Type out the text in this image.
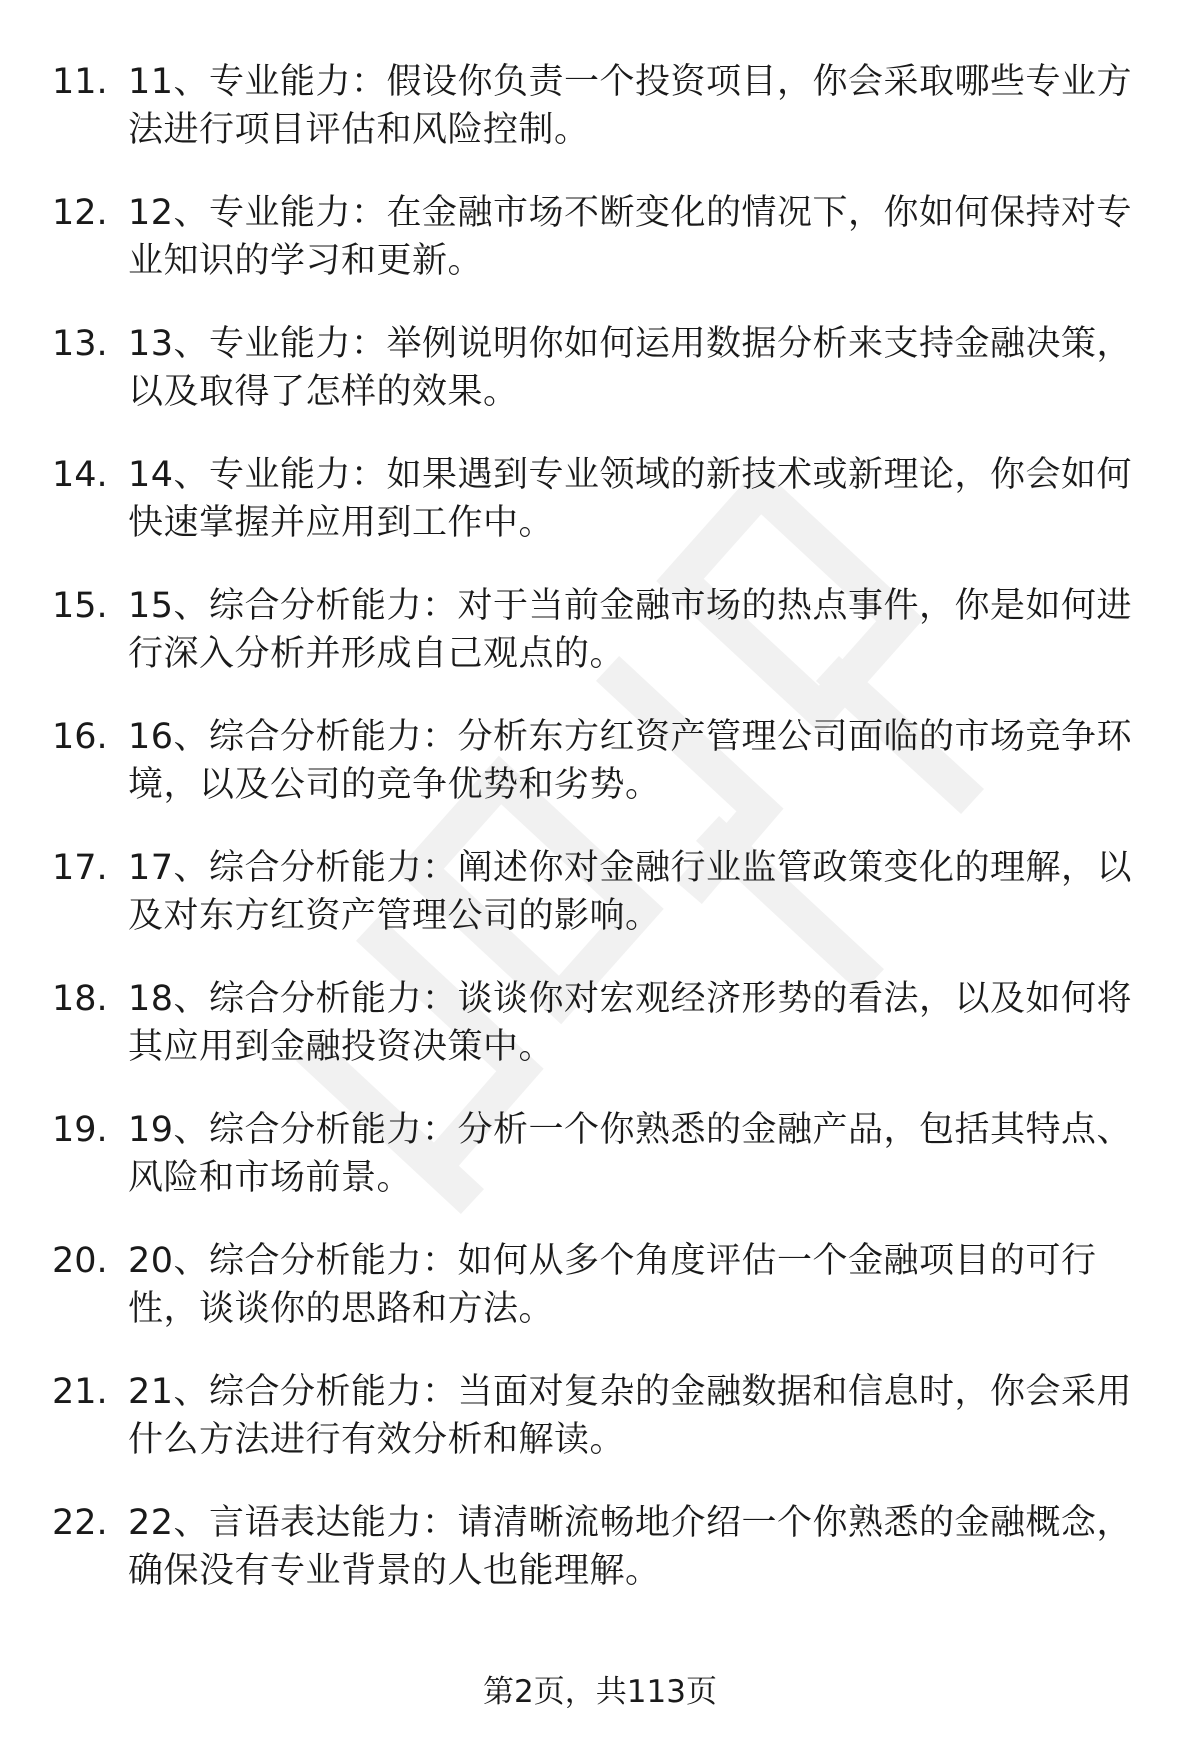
11. 11、专业能力：假设你负责一个投资项目，你会采取哪些专业方法进行项目评估和风险控制。
12. 12、专业能力：在金融市场不断变化的情况下，你如何保持对专业知识的学习和更新。
13. 13、专业能力：举例说明你如何运用数据分析来支持金融决策，以及取得了怎样的效果。
14. 14、专业能力：如果遇到专业领域的新技术或新理论，你会如何快速掌握并应用到工作中。
15. 15、综合分析能力：对于当前金融市场的热点事件，你是如何进行深入分析并形成自己观点的。
16. 16、综合分析能力：分析东方红资产管理公司面临的市场竞争环境，以及公司的竞争优势和劣势。
17. 17、综合分析能力：阐述你对金融行业监管政策变化的理解，以及对东方红资产管理公司的影响。
18. 18、综合分析能力：谈谈你对宏观经济形势的看法，以及如何将其应用到金融投资决策中。
19. 19、综合分析能力：分析一个你熟悉的金融产品，包括其特点、风险和市场前景。
20. 20、综合分析能力：如何从多个角度评估一个金融项目的可行性，谈谈你的思路和方法。
21. 21、综合分析能力：当面对复杂的金融数据和信息时，你会采用什么方法进行有效分析和解读。
22. 22、言语表达能力：请清晰流畅地介绍一个你熟悉的金融概念，确保没有专业背景的人也能理解。
第2页，共113页
